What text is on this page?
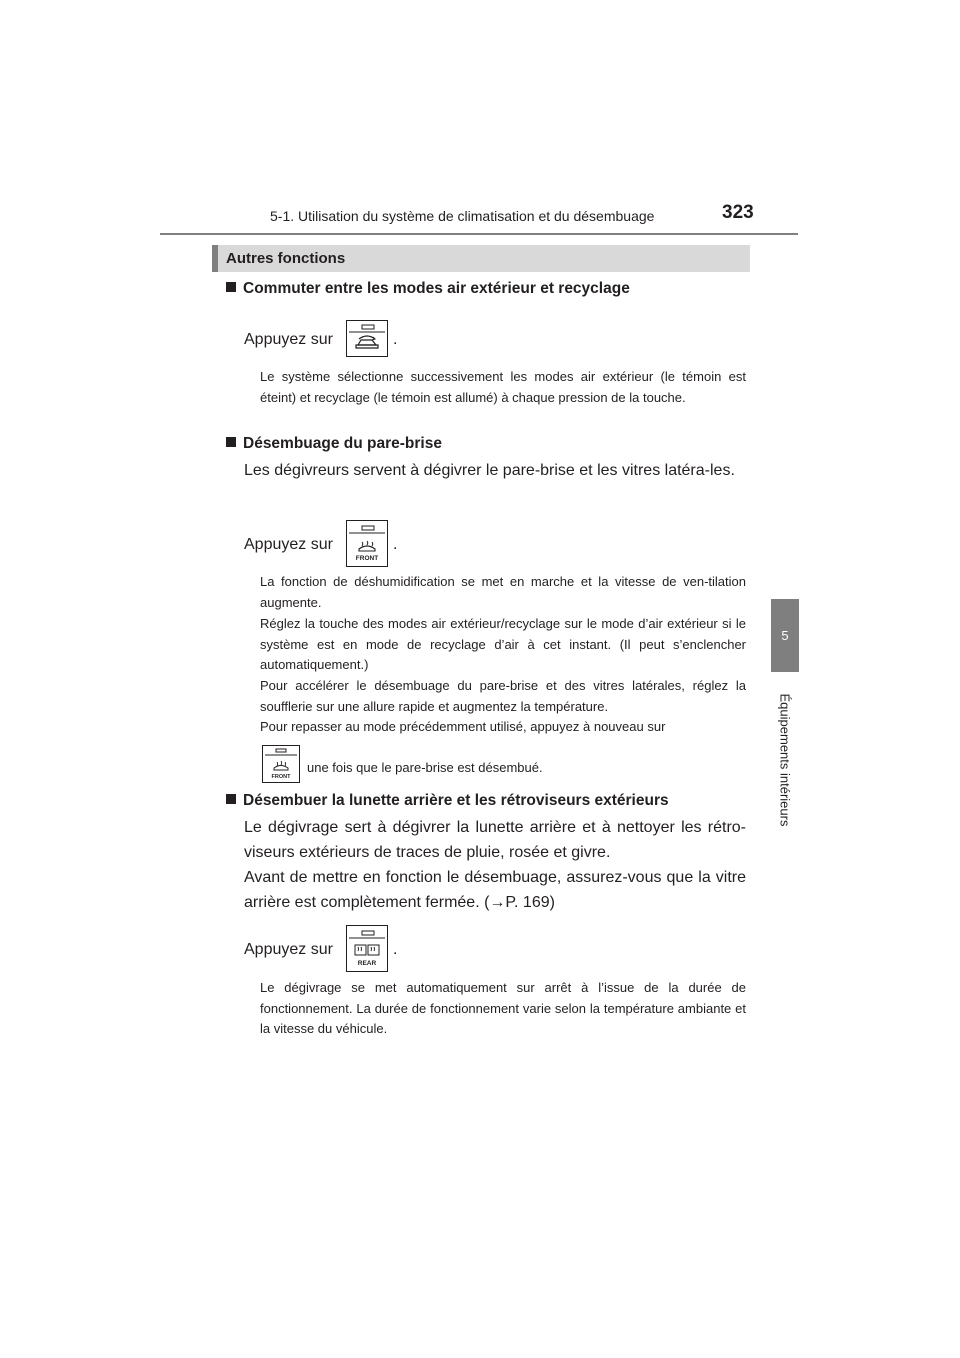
5-1. Utilisation du système de climatisation et du désembuage	323
5
Équipements intérieurs
Autres fonctions
Commuter entre les modes air extérieur et recyclage
Appuyez sur	.
Le système sélectionne successivement les modes air extérieur (le témoin est éteint) et recyclage (le témoin est allumé) à chaque pression de la touche.
Désembuage du pare-brise
Les dégivreurs servent à dégivrer le pare-brise et les vitres latéra-les.
Appuyez sur
FRONT
.
La fonction de déshumidification se met en marche et la vitesse de ven-tilation augmente.
Réglez la touche des modes air extérieur/recyclage sur le mode d’air extérieur si le système est en mode de recyclage d’air à cet instant. (Il peut s’enclencher automatiquement.)
Pour accélérer le désembuage du pare-brise et des vitres latérales, réglez la soufflerie sur une allure rapide et augmentez la température.
Pour repasser au mode précédemment utilisé, appuyez à nouveau sur
FRONT
une fois que le pare-brise est désembué.
Désembuer la lunette arrière et les rétroviseurs extérieurs
Le dégivrage sert à dégivrer la lunette arrière et à nettoyer les rétro-viseurs extérieurs de traces de pluie, rosée et givre.
Avant de mettre en fonction le désembuage, assurez-vous que la vitre arrière est complètement fermée. (→P. 169)
Appuyez sur
REAR
.
Le dégivrage se met automatiquement sur arrêt à l’issue de la durée de fonctionnement. La durée de fonctionnement varie selon la température ambiante et la vitesse du véhicule.
